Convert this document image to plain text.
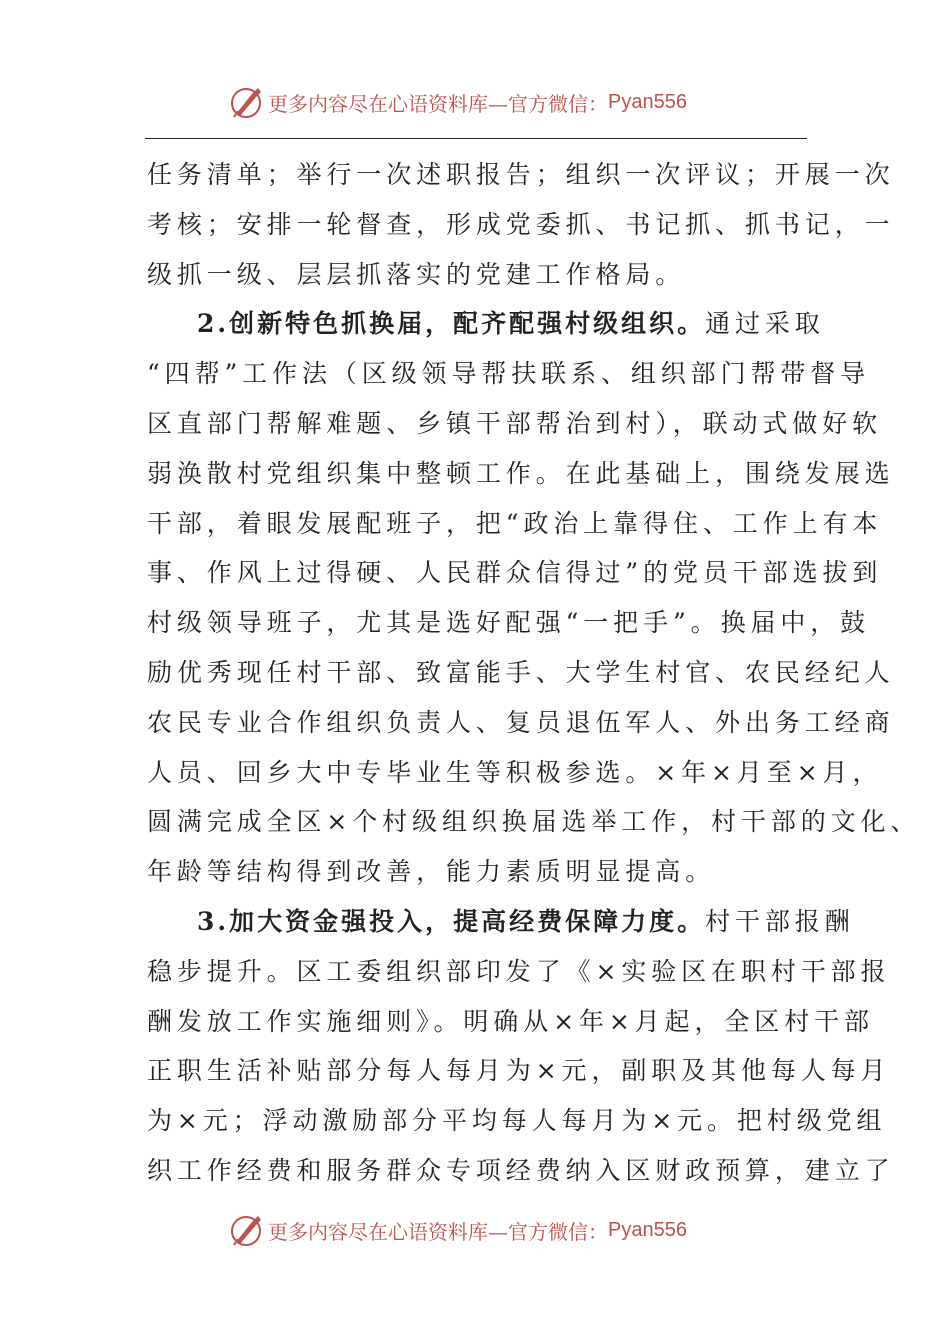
更多内容尽在心语资料库—官方微信： Pyan556
任务清单；举行一次述职报告；组织一次评议；开展一次
考核；安排一轮督查，形成党委抓、书记抓、抓书记，一
级抓一级、层层抓落实的党建工作格局。
2.创新特色抓换届，配齐配强村级组织。通过采取
“四帮”工作法（区级领导帮扶联系、组织部门帮带督导
区直部门帮解难题、乡镇干部帮治到村），联动式做好软
弱涣散村党组织集中整顿工作。在此基础上，围绕发展选
干部，着眼发展配班子，把“政治上靠得住、工作上有本
事、作风上过得硬、人民群众信得过”的党员干部选拔到
村级领导班子，尤其是选好配强“一把手”。换届中，鼓
励优秀现任村干部、致富能手、大学生村官、农民经纪人
农民专业合作组织负责人、复员退伍军人、外出务工经商
人员、回乡大中专毕业生等积极参选。×年×月至×月，
圆满完成全区×个村级组织换届选举工作，村干部的文化、
年龄等结构得到改善，能力素质明显提高。
3.加大资金强投入，提高经费保障力度。村干部报酬
稳步提升。区工委组织部印发了《×实验区在职村干部报
酬发放工作实施细则》。明确从×年×月起，全区村干部
正职生活补贴部分每人每月为×元，副职及其他每人每月
为×元；浮动激励部分平均每人每月为×元。把村级党组
织工作经费和服务群众专项经费纳入区财政预算，建立了
更多内容尽在心语资料库—官方微信： Pyan556
